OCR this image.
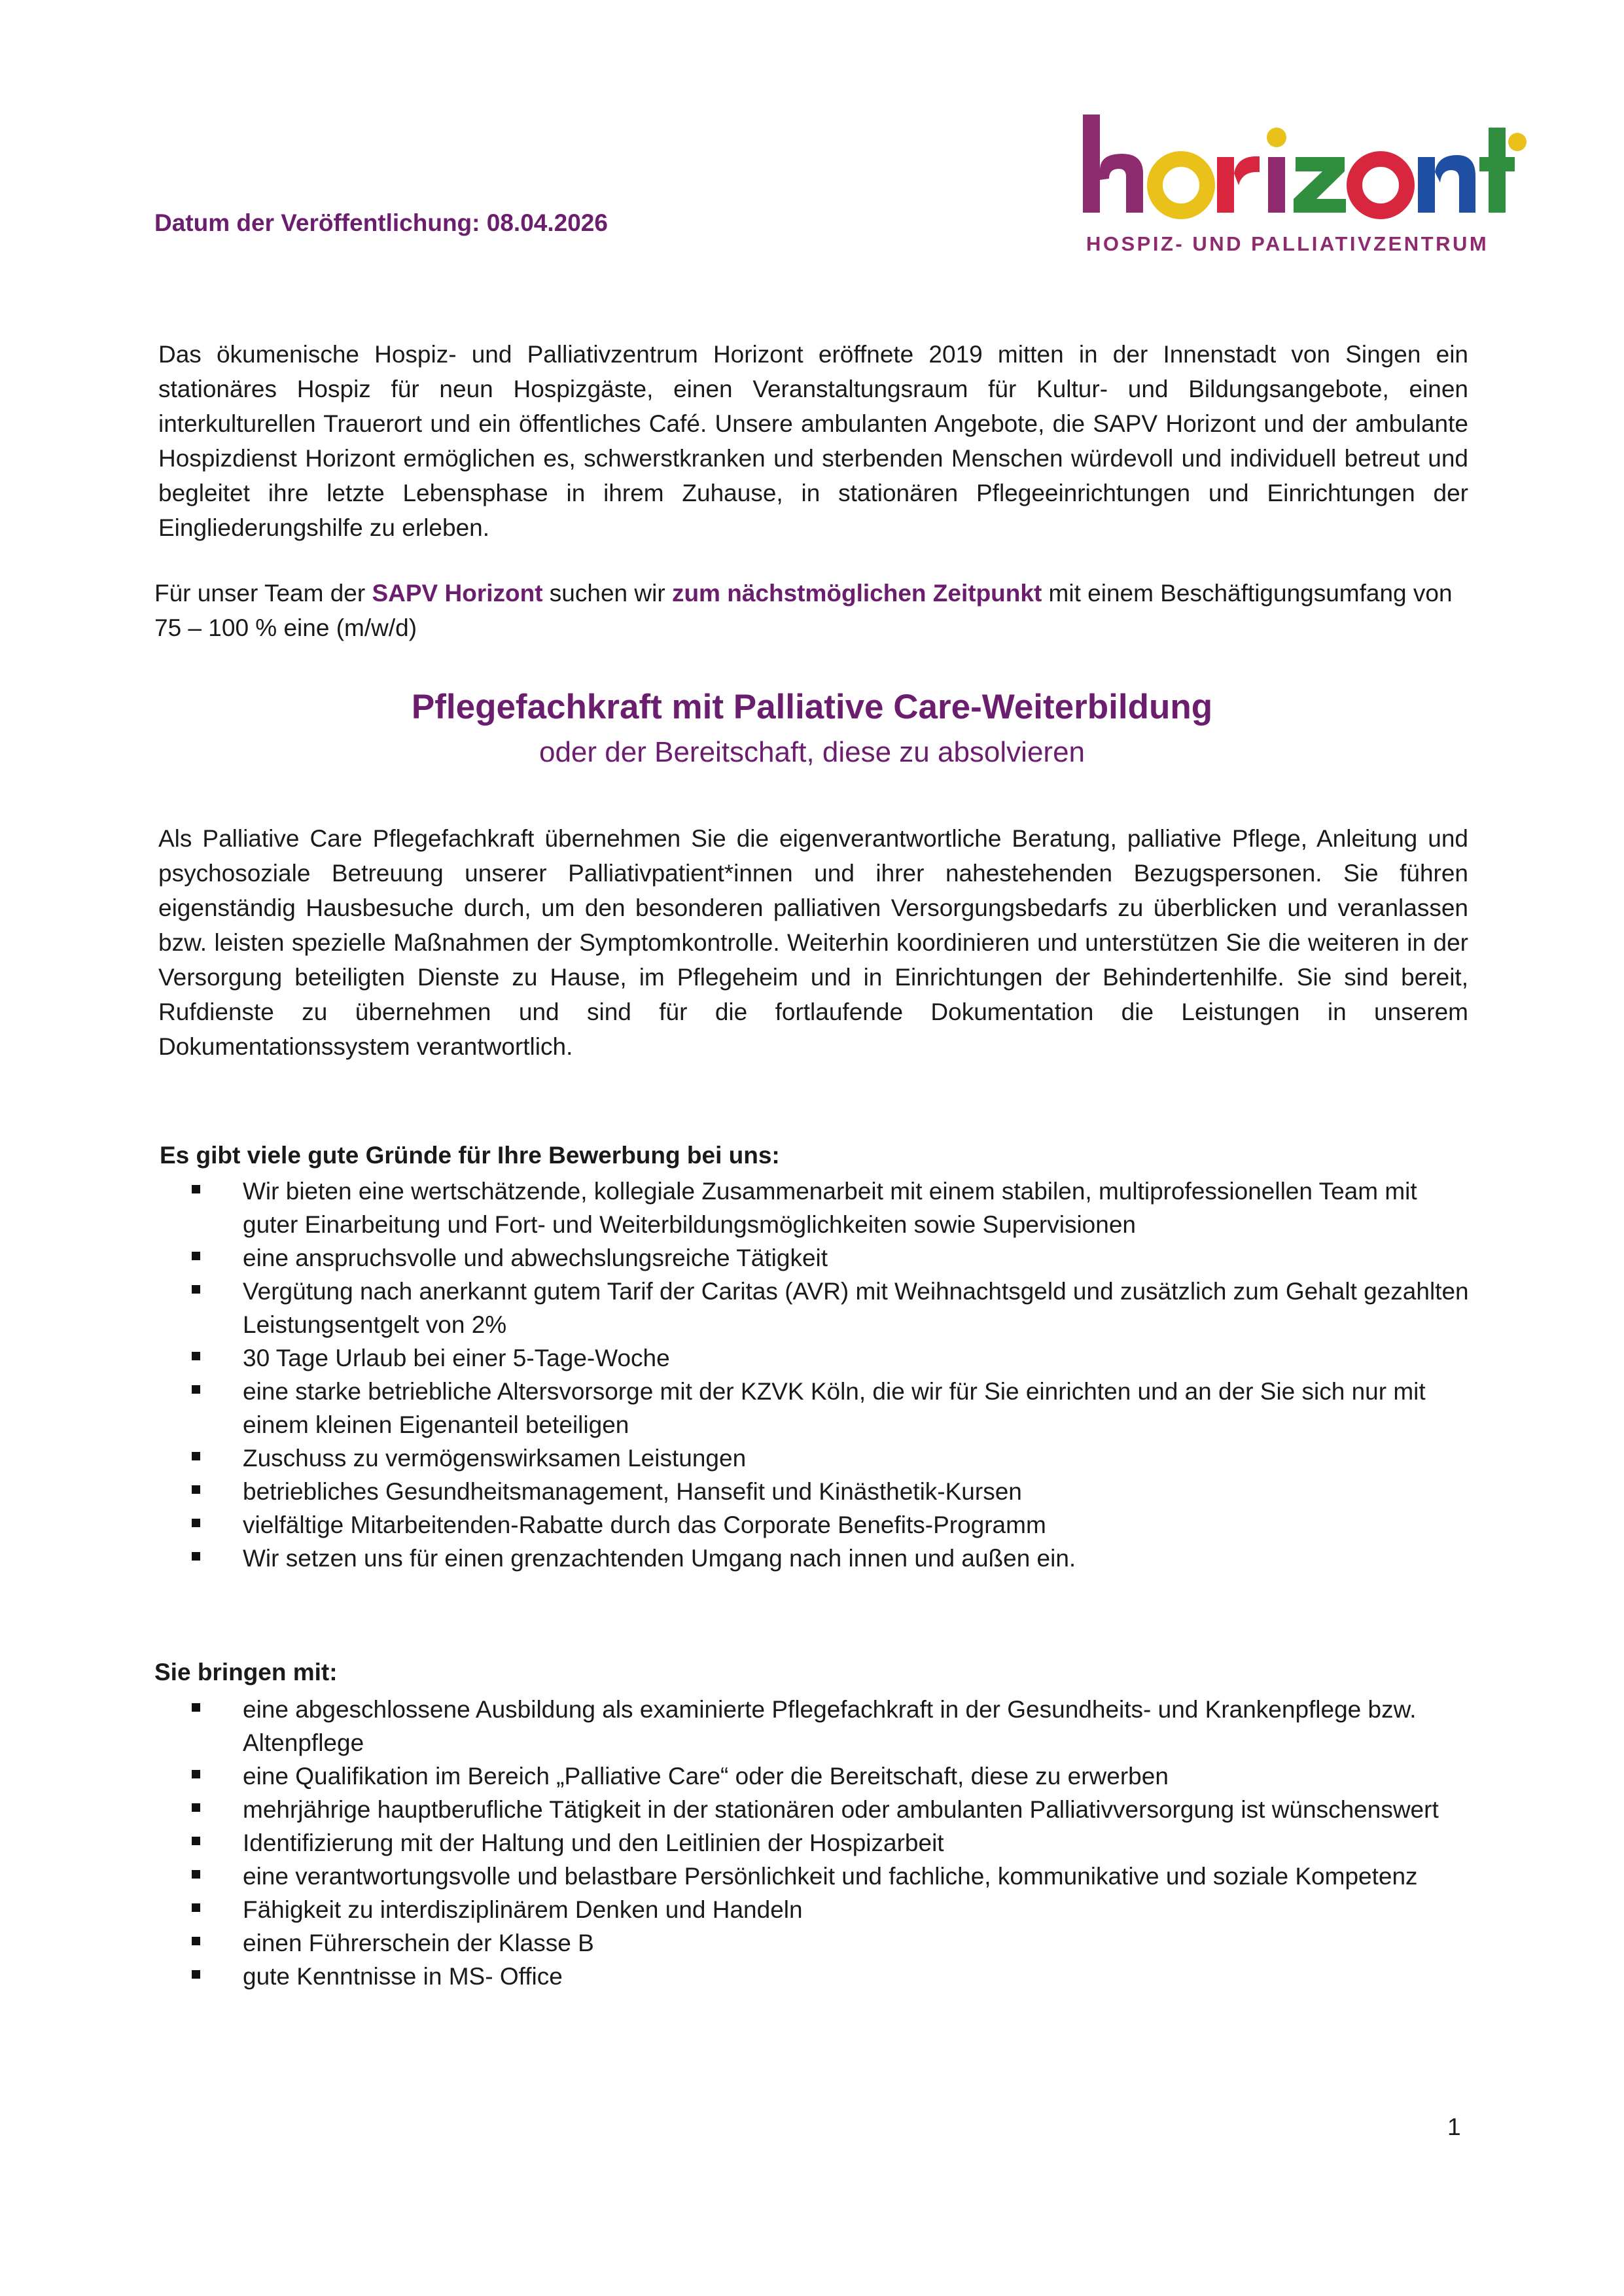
Datum der Veröffentlichung: 08.04.2026
HOSPIZ- UND PALLIATIVZENTRUM

Das ökumenische Hospiz- und Palliativzentrum Horizont eröffnete 2019 mitten in der Innenstadt von Singen ein stationäres Hospiz für neun Hospizgäste, einen Veranstaltungsraum für Kultur- und Bildungsangebote, einen interkulturellen Trauerort und ein öffentliches Café. Unsere ambulanten Angebote, die SAPV Horizont und der ambulante Hospizdienst Horizont ermöglichen es, schwerstkranken und sterbenden Menschen würdevoll und individuell betreut und begleitet ihre letzte Lebensphase in ihrem Zuhause, in stationären Pflegeeinrichtungen und Einrichtungen der Eingliederungshilfe zu erleben.

Für unser Team der SAPV Horizont suchen wir zum nächstmöglichen Zeitpunkt mit einem Beschäftigungsumfang von 75 – 100 % eine (m/w/d)

Pflegefachkraft mit Palliative Care-Weiterbildung
oder der Bereitschaft, diese zu absolvieren

Als Palliative Care Pflegefachkraft übernehmen Sie die eigenverantwortliche Beratung, palliative Pflege, Anleitung und psychosoziale Betreuung unserer Palliativpatient*innen und ihrer nahestehenden Bezugspersonen. Sie führen eigenständig Hausbesuche durch, um den besonderen palliativen Versorgungsbedarfs zu überblicken und veranlassen bzw. leisten spezielle Maßnahmen der Symptomkontrolle. Weiterhin koordinieren und unterstützen Sie die weiteren in der Versorgung beteiligten Dienste zu Hause, im Pflegeheim und in Einrichtungen der Behindertenhilfe. Sie sind bereit, Rufdienste zu übernehmen und sind für die fortlaufende Dokumentation die Leistungen in unserem Dokumentationssystem verantwortlich.

Es gibt viele gute Gründe für Ihre Bewerbung bei uns:
Wir bieten eine wertschätzende, kollegiale Zusammenarbeit mit einem stabilen, multiprofessionellen Team mit guter Einarbeitung und Fort- und Weiterbildungsmöglichkeiten sowie Supervisionen
eine anspruchsvolle und abwechslungsreiche Tätigkeit
Vergütung nach anerkannt gutem Tarif der Caritas (AVR) mit Weihnachtsgeld und zusätzlich zum Gehalt gezahlten Leistungsentgelt von 2%
30 Tage Urlaub bei einer 5-Tage-Woche
eine starke betriebliche Altersvorsorge mit der KZVK Köln, die wir für Sie einrichten und an der Sie sich nur mit einem kleinen Eigenanteil beteiligen
Zuschuss zu vermögenswirksamen Leistungen
betriebliches Gesundheitsmanagement, Hansefit und Kinästhetik-Kursen
vielfältige Mitarbeitenden-Rabatte durch das Corporate Benefits-Programm
Wir setzen uns für einen grenzachtenden Umgang nach innen und außen ein.
Sie bringen mit:
eine abgeschlossene Ausbildung als examinierte Pflegefachkraft in der Gesundheits- und Krankenpflege bzw. Altenpflege
eine Qualifikation im Bereich „Palliative Care“ oder die Bereitschaft, diese zu erwerben
mehrjährige hauptberufliche Tätigkeit in der stationären oder ambulanten Palliativversorgung ist wünschenswert
Identifizierung mit der Haltung und den Leitlinien der Hospizarbeit
eine verantwortungsvolle und belastbare Persönlichkeit und fachliche, kommunikative und soziale Kompetenz
Fähigkeit zu interdisziplinärem Denken und Handeln
einen Führerschein der Klasse B
gute Kenntnisse in MS- Office
1
